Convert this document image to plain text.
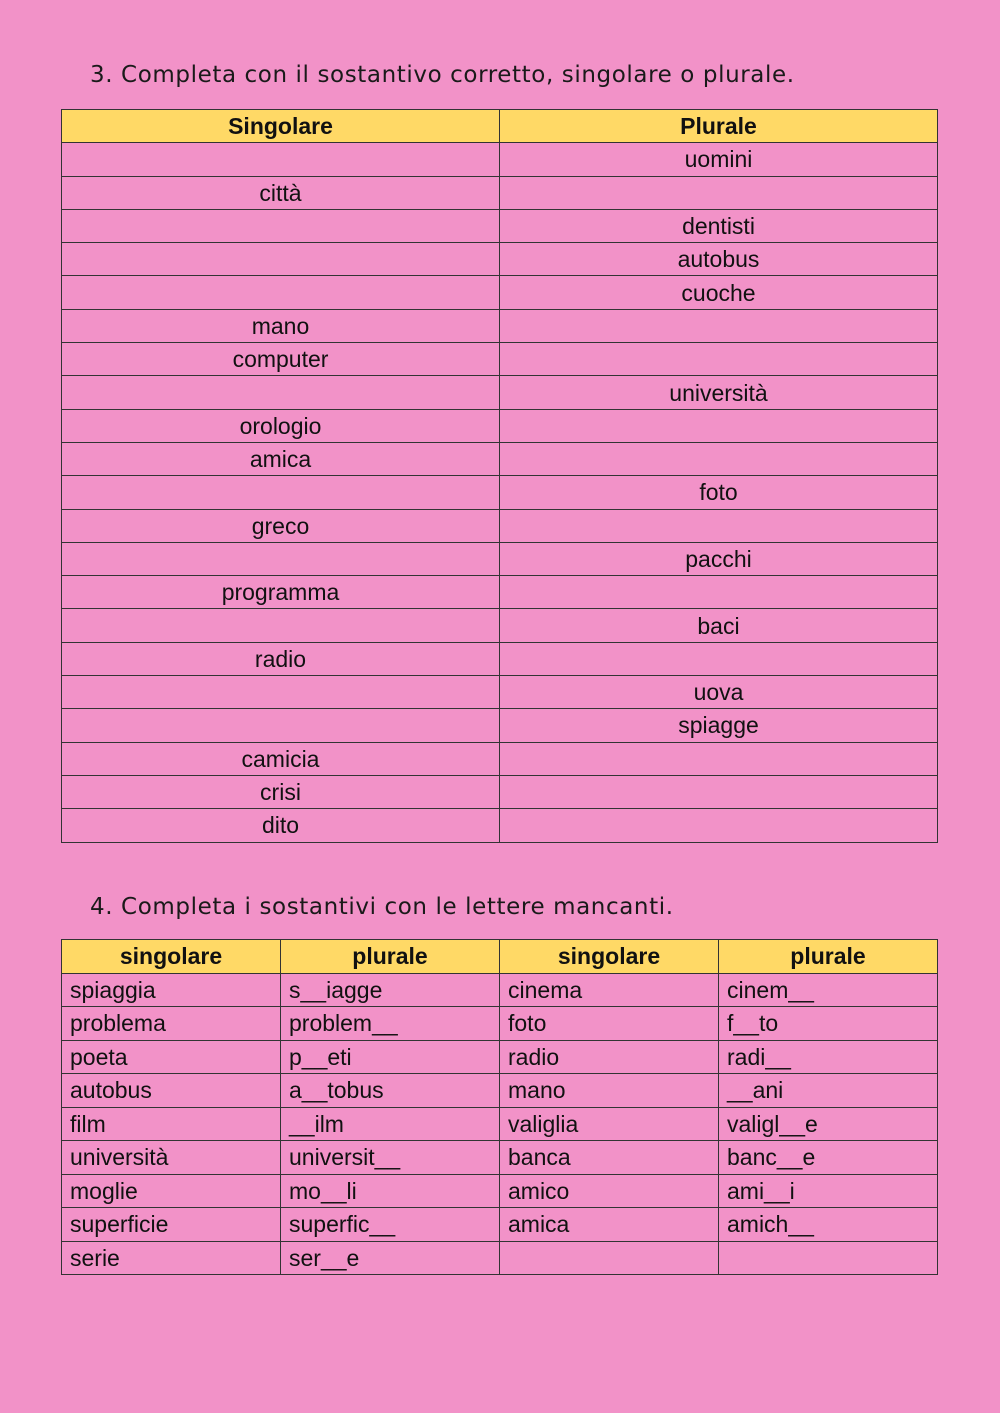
3. Completa con il sostantivo corretto, singolare o plurale.
Singolare	Plurale
	uomini
città	
	dentisti
	autobus
	cuoche
mano	
computer	
	università
orologio	
amica	
	foto
greco	
	pacchi
programma	
	baci
radio	
	uova
	spiagge
camicia	
crisi	
dito	
4. Completa i sostantivi con le lettere mancanti.
singolare	plurale	singolare	plurale
spiaggia	s__iagge	cinema	cinem__
problema	problem__	foto	f__to
poeta	p__eti	radio	radi__
autobus	a__tobus	mano	__ani
film	__ilm	valiglia	valigl__e
università	universit__	banca	banc__e
moglie	mo__li	amico	ami__i
superficie	superfic__	amica	amich__
serie	ser__e		
